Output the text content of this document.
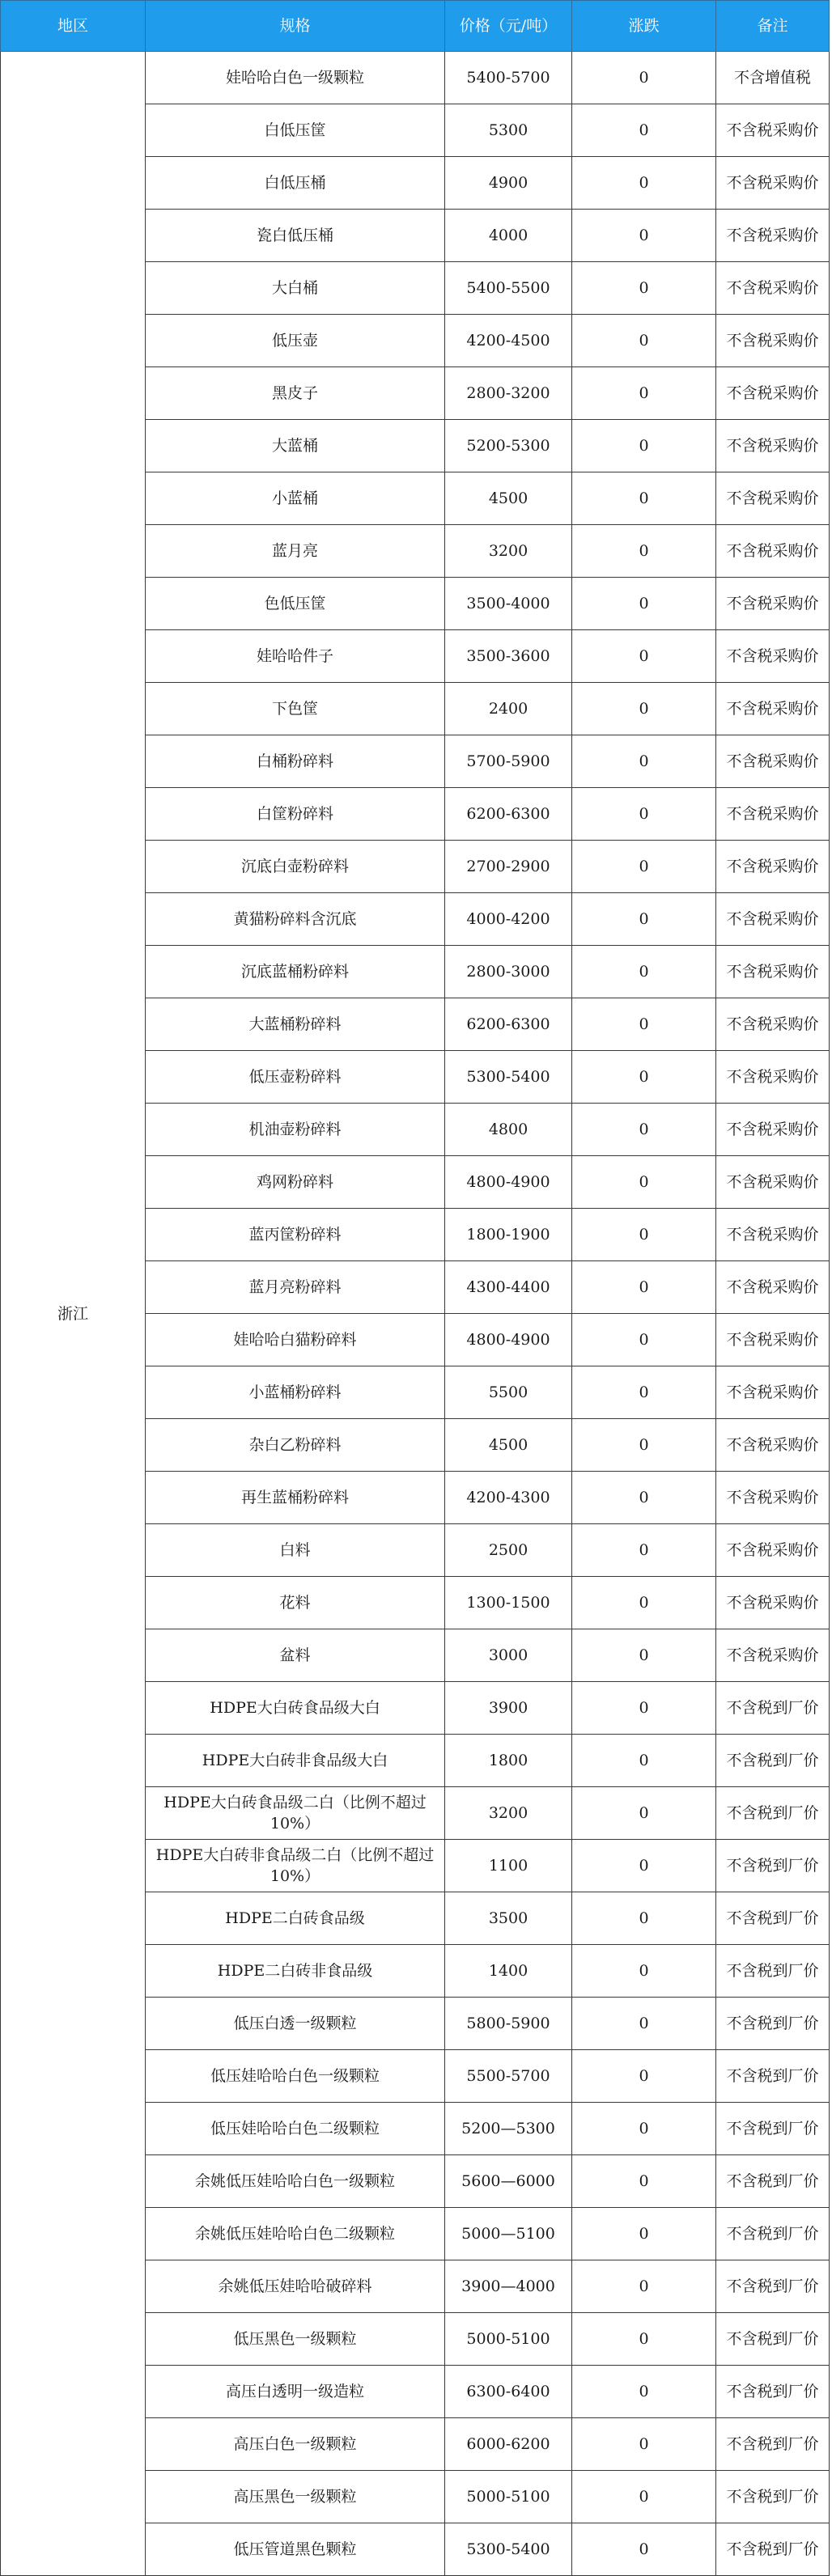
地区	规格	价格（元/吨）	涨跌	备注
浙江	娃哈哈白色一级颗粒	5400-5700	0	不含增值税
	白低压筐	5300	0	不含税采购价
	白低压桶	4900	0	不含税采购价
	瓷白低压桶	4000	0	不含税采购价
	大白桶	5400-5500	0	不含税采购价
	低压壶	4200-4500	0	不含税采购价
	黑皮子	2800-3200	0	不含税采购价
	大蓝桶	5200-5300	0	不含税采购价
	小蓝桶	4500	0	不含税采购价
	蓝月亮	3200	0	不含税采购价
	色低压筐	3500-4000	0	不含税采购价
	娃哈哈件子	3500-3600	0	不含税采购价
	下色筐	2400	0	不含税采购价
	白桶粉碎料	5700-5900	0	不含税采购价
	白筐粉碎料	6200-6300	0	不含税采购价
	沉底白壶粉碎料	2700-2900	0	不含税采购价
	黄猫粉碎料含沉底	4000-4200	0	不含税采购价
	沉底蓝桶粉碎料	2800-3000	0	不含税采购价
	大蓝桶粉碎料	6200-6300	0	不含税采购价
	低压壶粉碎料	5300-5400	0	不含税采购价
	机油壶粉碎料	4800	0	不含税采购价
	鸡网粉碎料	4800-4900	0	不含税采购价
	蓝丙筐粉碎料	1800-1900	0	不含税采购价
	蓝月亮粉碎料	4300-4400	0	不含税采购价
	娃哈哈白猫粉碎料	4800-4900	0	不含税采购价
	小蓝桶粉碎料	5500	0	不含税采购价
	杂白乙粉碎料	4500	0	不含税采购价
	再生蓝桶粉碎料	4200-4300	0	不含税采购价
	白料	2500	0	不含税采购价
	花料	1300-1500	0	不含税采购价
	盆料	3000	0	不含税采购价
	HDPE大白砖食品级大白	3900	0	不含税到厂价
	HDPE大白砖非食品级大白	1800	0	不含税到厂价
	HDPE大白砖食品级二白（比例不超过10%）	3200	0	不含税到厂价
	HDPE大白砖非食品级二白（比例不超过10%）	1100	0	不含税到厂价
	HDPE二白砖食品级	3500	0	不含税到厂价
	HDPE二白砖非食品级	1400	0	不含税到厂价
	低压白透一级颗粒	5800-5900	0	不含税到厂价
	低压娃哈哈白色一级颗粒	5500-5700	0	不含税到厂价
	低压娃哈哈白色二级颗粒	5200—5300	0	不含税到厂价
	余姚低压娃哈哈白色一级颗粒	5600—6000	0	不含税到厂价
	余姚低压娃哈哈白色二级颗粒	5000—5100	0	不含税到厂价
	余姚低压娃哈哈破碎料	3900—4000	0	不含税到厂价
	低压黑色一级颗粒	5000-5100	0	不含税到厂价
	高压白透明一级造粒	6300-6400	0	不含税到厂价
	高压白色一级颗粒	6000-6200	0	不含税到厂价
	高压黑色一级颗粒	5000-5100	0	不含税到厂价
	低压管道黑色颗粒	5300-5400	0	不含税到厂价
